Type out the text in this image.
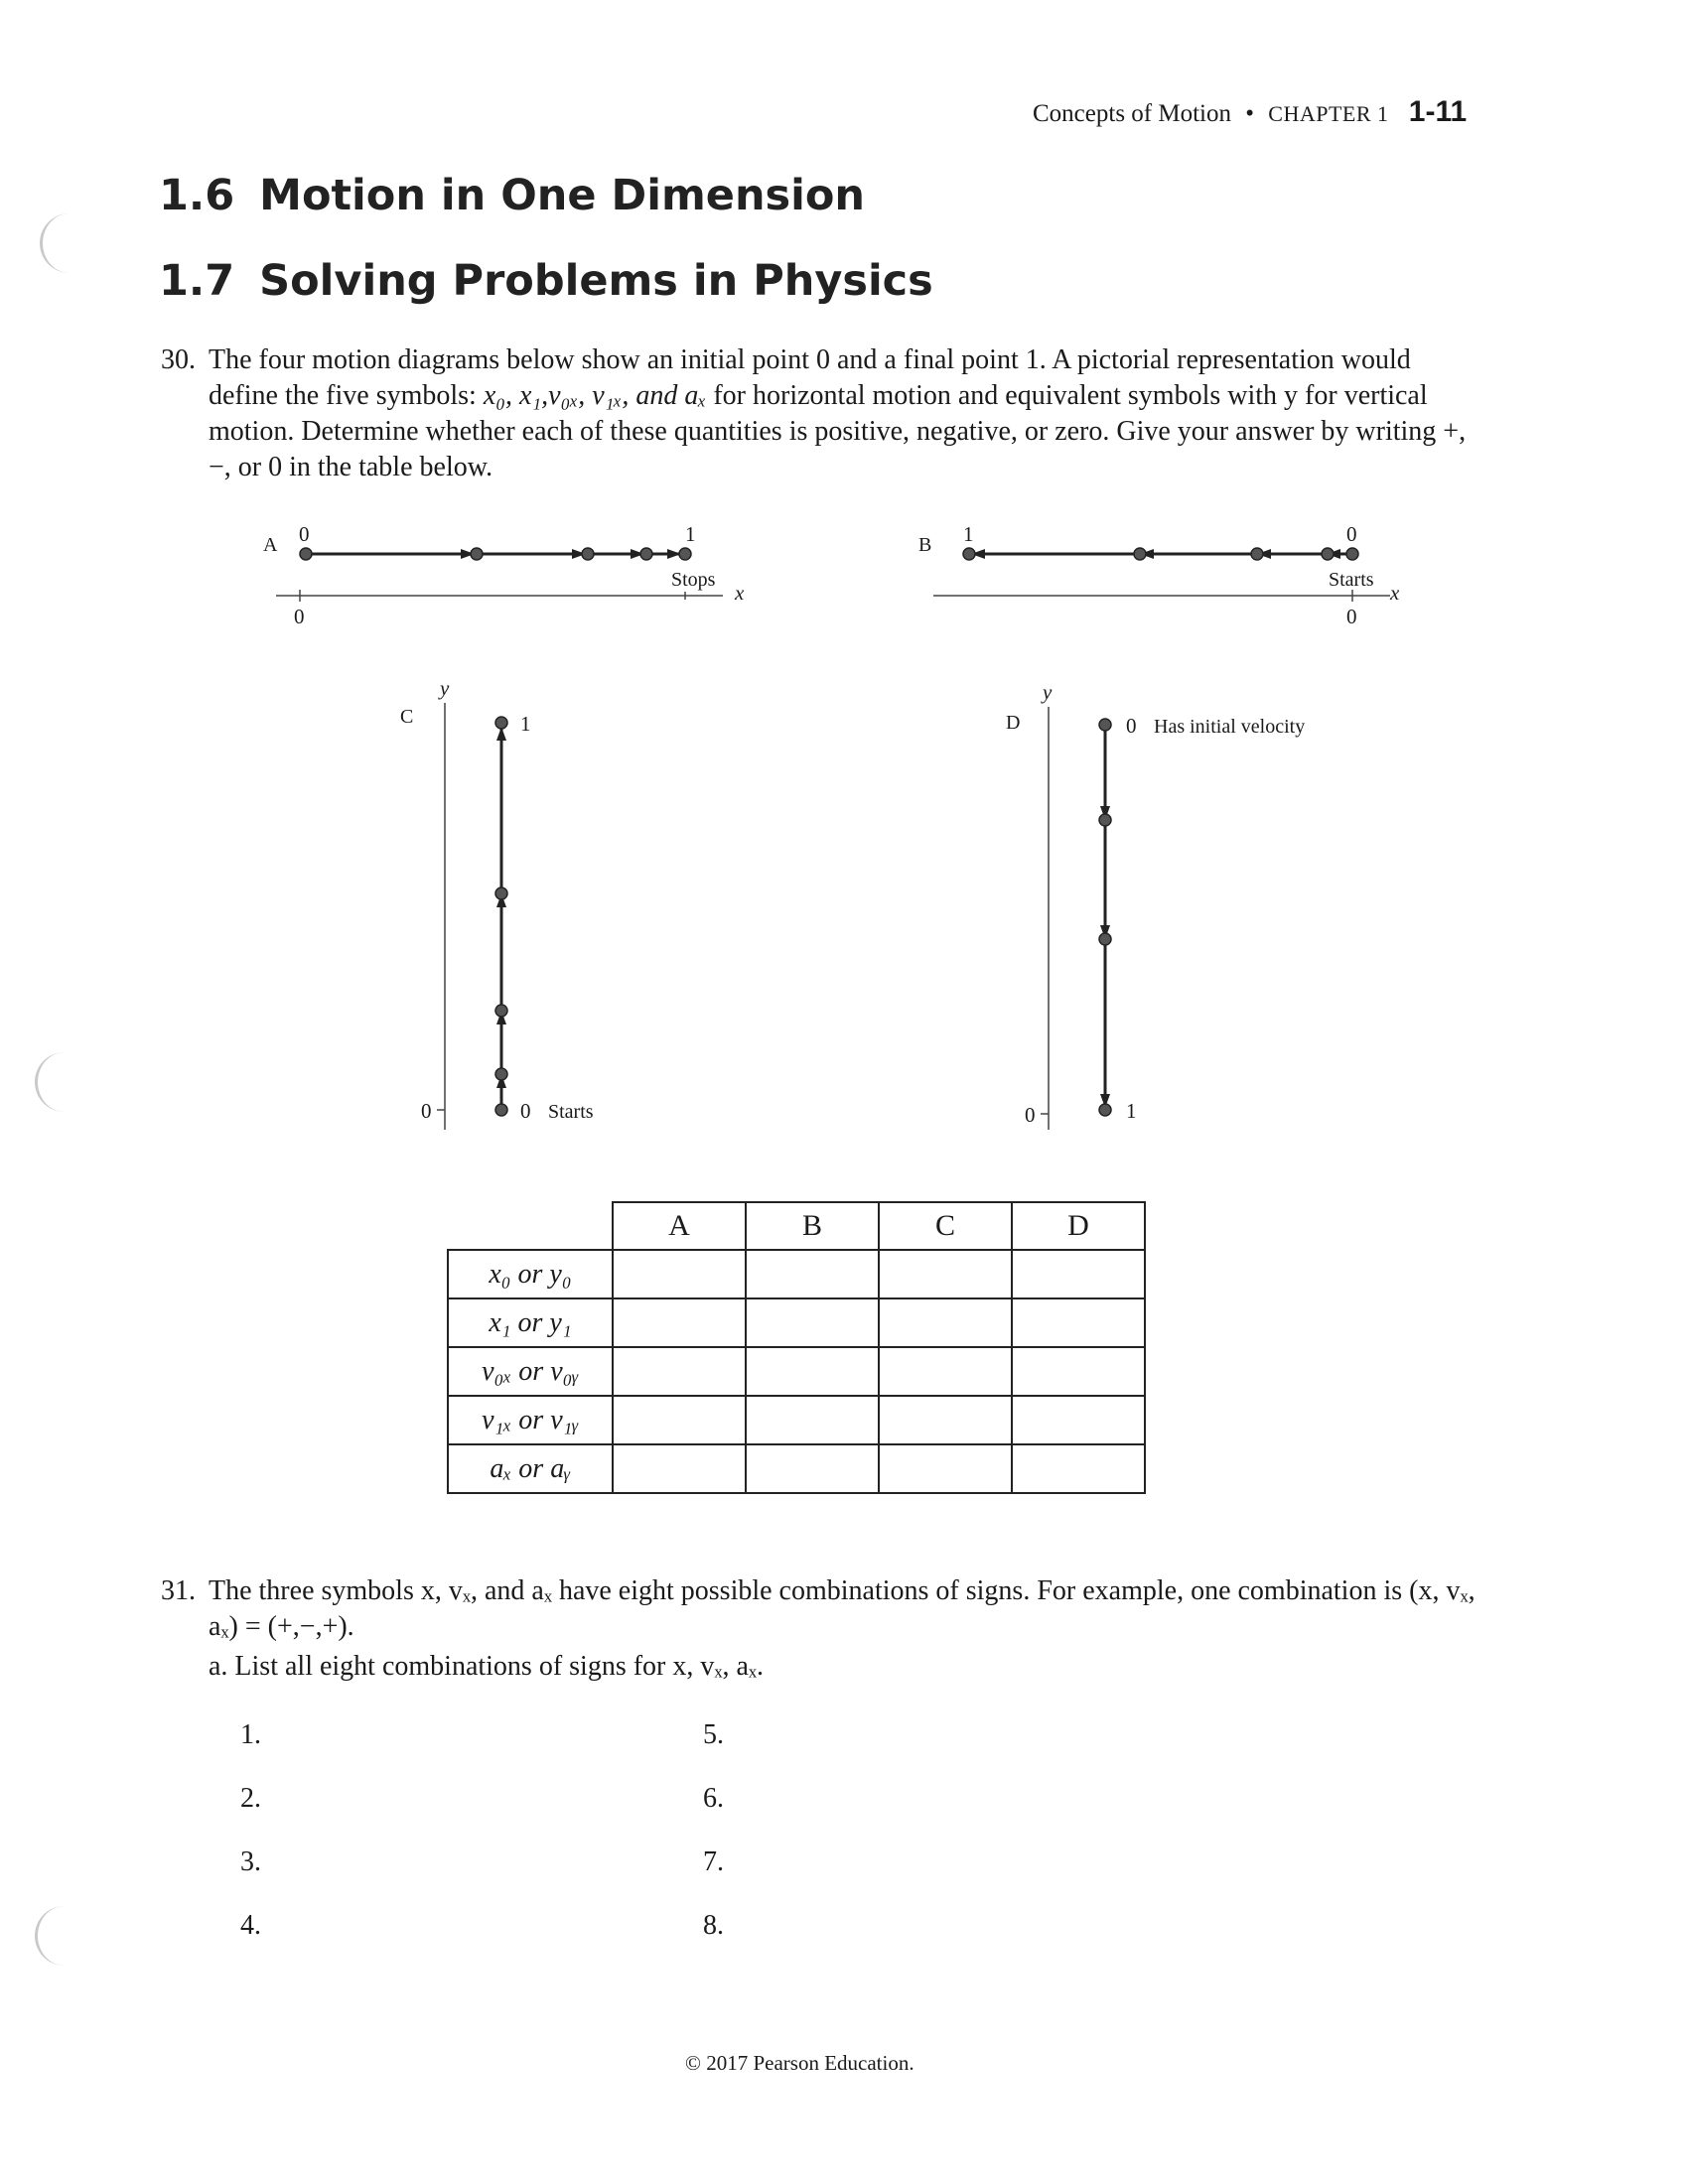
Concepts of Motion • CHAPTER 1 1-11
1.6 Motion in One Dimension
1.7 Solving Problems in Physics
30. The four motion diagrams below show an initial point 0 and a final point 1. A pictorial representation would define the five symbols: x₀, x₁,v₀ₓ, v₁ₓ, and aₓ for horizontal motion and equivalent symbols with y for vertical motion. Determine whether each of these quantities is positive, negative, or zero. Give your answer by writing +, −, or 0 in the table below.
A 0	1
Stops
0
x
B 1	0
Starts
0
x
C
y
0
1
0 Starts
D
y
0
0 Has initial velocity
1
	A	B	C	D
x₀ or y₀				
x₁ or y₁				
v₀ₓ or v₀ᵧ				
v₁ₓ or v₁ᵧ				
aₓ or aᵧ				
31. The three symbols x, vₓ, and aₓ have eight possible combinations of signs. For example, one combination is (x, vₓ, aₓ) = (+,−,+).
a. List all eight combinations of signs for x, vₓ, aₓ.
1.
2.
3.
4.
5.
6.
7.
8.
© 2017 Pearson Education.
